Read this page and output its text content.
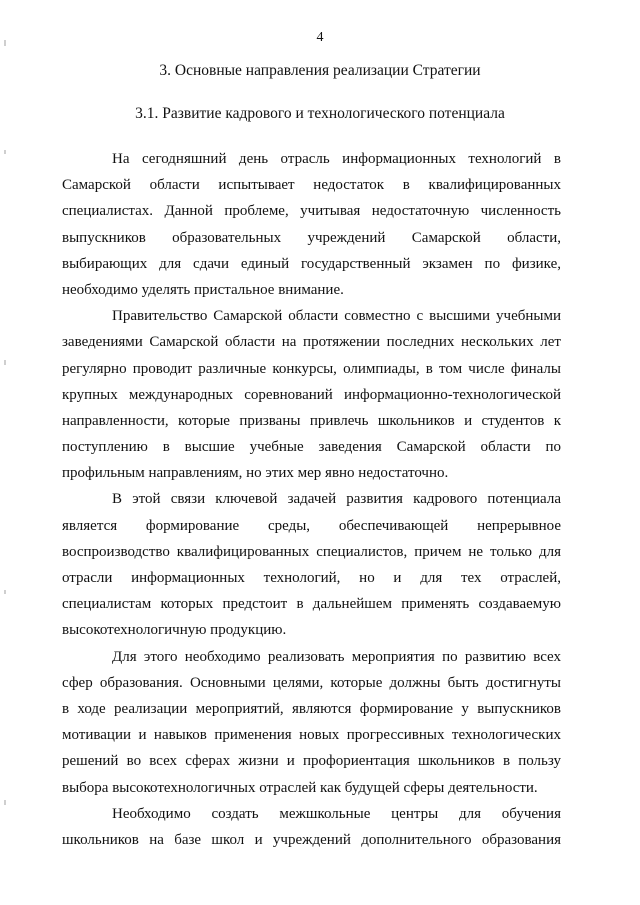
4
3. Основные направления реализации Стратегии
3.1. Развитие кадрового и технологического потенциала

На сегодняшний день отрасль информационных технологий в
Самарской области испытывает недостаток в квалифицированных
специалистах. Данной проблеме, учитывая недостаточную численность
выпускников образовательных учреждений Самарской области,
выбирающих для сдачи единый государственный экзамен по физике,
необходимо уделять пристальное внимание.

Правительство Самарской области совместно с высшими учебными
заведениями Самарской области на протяжении последних нескольких лет
регулярно проводит различные конкурсы, олимпиады, в том числе финалы
крупных международных соревнований информационно-технологической
направленности, которые призваны привлечь школьников и студентов к
поступлению в высшие учебные заведения Самарской области по
профильным направлениям, но этих мер явно недостаточно.

В этой связи ключевой задачей развития кадрового потенциала
является формирование среды, обеспечивающей непрерывное
воспроизводство квалифицированных специалистов, причем не только для
отрасли информационных технологий, но и для тех отраслей,
специалистам которых предстоит в дальнейшем применять создаваемую
высокотехнологичную продукцию.

Для этого необходимо реализовать мероприятия по развитию всех
сфер образования. Основными целями, которые должны быть достигнуты
в ходе реализации мероприятий, являются формирование у выпускников
мотивации и навыков применения новых прогрессивных технологических
решений во всех сферах жизни и профориентация школьников в пользу
выбора высокотехнологичных отраслей как будущей сферы деятельности.

Необходимо создать межшкольные центры для обучения
школьников на базе школ и учреждений дополнительного образования
